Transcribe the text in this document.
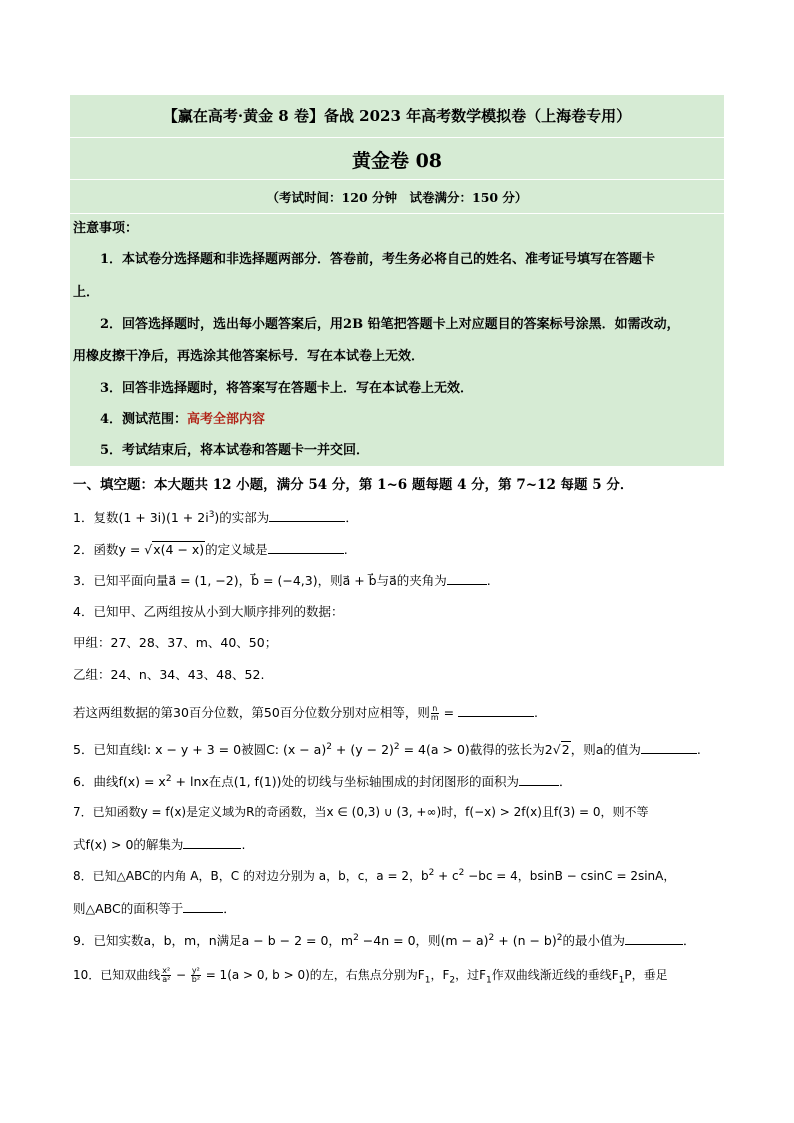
【赢在高考·黄金 8 卷】备战 2023 年高考数学模拟卷（上海卷专用）
黄金卷 08
（考试时间：120 分钟　试卷满分：150 分）
注意事项：
1．本试卷分选择题和非选择题两部分．答卷前，考生务必将自己的姓名、准考证号填写在答题卡
上．
2．回答选择题时，选出每小题答案后，用2B 铅笔把答题卡上对应题目的答案标号涂黑．如需改动，
用橡皮擦干净后，再选涂其他答案标号．写在本试卷上无效．
3．回答非选择题时，将答案写在答题卡上．写在本试卷上无效．
4．测试范围：高考全部内容
5．考试结束后，将本试卷和答题卡一并交回．
一、填空题：本大题共 12 小题，满分 54 分，第 1~6 题每题 4 分，第 7~12 每题 5 分．
1．复数$(1 + 3i)(1 + 2i^3)$的实部为	．
2．函数y = √x(4 − x)的定义域是	.
3．已知平面向量a⃗ = (1, −2)，b⃗ = (−4,3)，则a⃗ + b⃗与a⃗的夹角为	.
4．已知甲、乙两组按从小到大顺序排列的数据：
甲组：27、28、37、m、40、50；
乙组：24、n、34、43、48、52.
若这两组数据的第30百分位数，第50百分位数分别对应相等，则 $\frac{n}{m}$ =	.
5．已知直线l: x − y + 3 = 0被圆C: $(x - a)^2 + (y - 2)^2 = 4(a > 0)$截得的弦长为2√2，则a的值为	.
6．曲线$f(x) = x^2 + \ln x$在点(1, f(1))处的切线与坐标轴围成的封闭图形的面积为	．
7．已知函数y = f(x)是定义域为R的奇函数，当x ∈ (0,3) ∪ (3, +∞)时，f(−x) > 2f(x)且f(3) = 0，则不等
式f(x) > 0的解集为	.
8．已知△ABC的内角 A，B，C 的对边分别为 a，b，c，a = 2，$b^2 + c^2 -bc = 4$，bsinB − csinC = 2sinA，
则△ABC的面积等于	．
9．已知实数a，b，m，n满足a − b − 2 = 0，$m^2 -4n = 0$，则$(m - a)^2 + (n - b)^2$的最小值为	．
10．已知双曲线 $\frac{\text{x²}}{\text{a²}} - \frac{\text{y²}}{\text{b²}} = 1(a > 0$, b > 0)的左，右焦点分别为$F_1$，$F_2$，过$F_1$作双曲线渐近线的垂线$F_1P$，垂足
